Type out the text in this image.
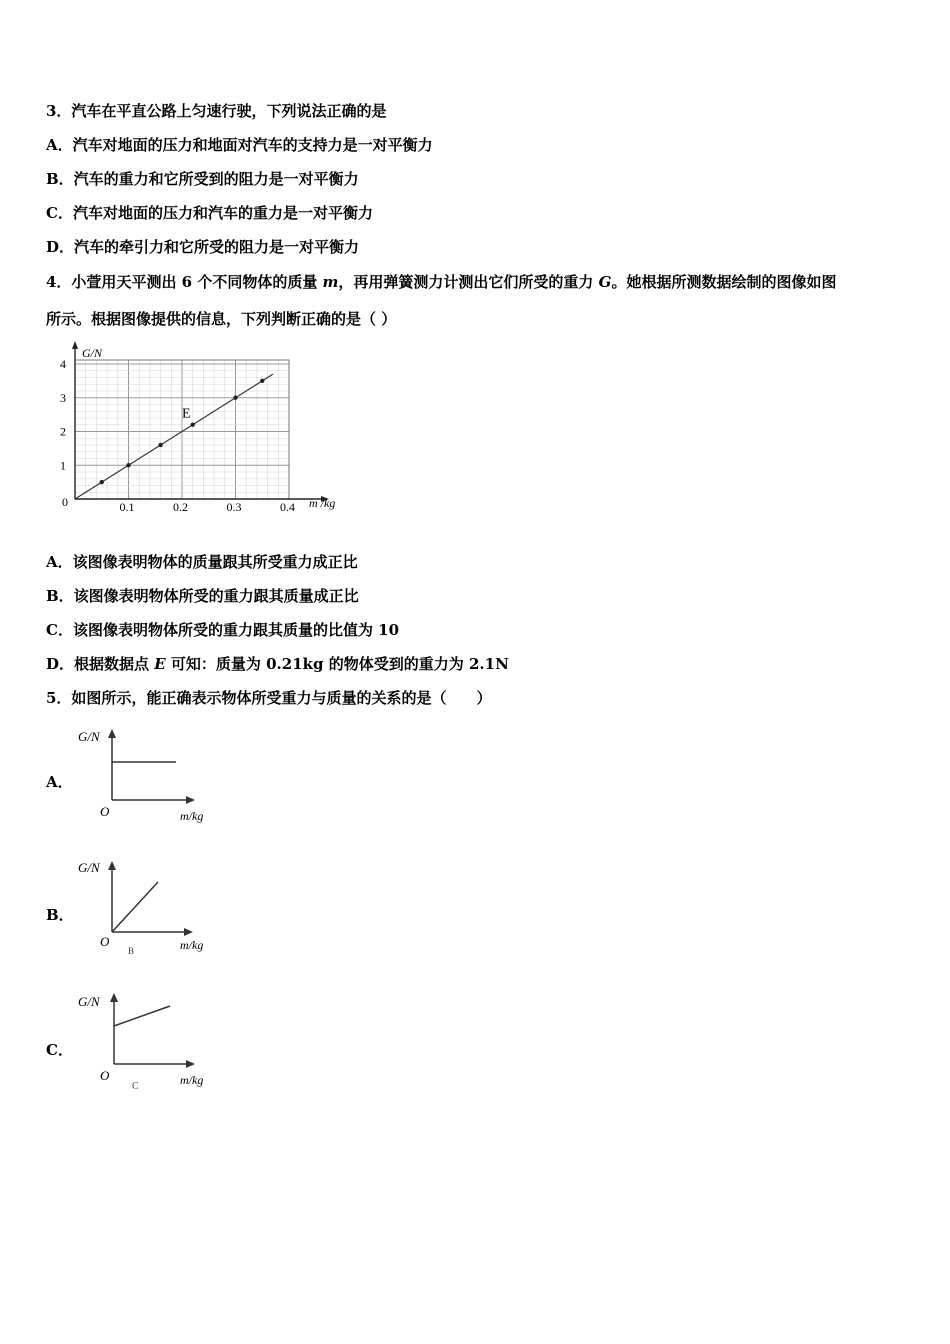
3．汽车在平直公路上匀速行驶，下列说法正确的是
A．汽车对地面的压力和地面对汽车的支持力是一对平衡力
B．汽车的重力和它所受到的阻力是一对平衡力
C．汽车对地面的压力和汽车的重力是一对平衡力
D．汽车的牵引力和它所受的阻力是一对平衡力
4．小萱用天平测出 6 个不同物体的质量 m，再用弹簧测力计测出它们所受的重力 G。她根据所测数据绘制的图像如图
所示。根据图像提供的信息，下列判断正确的是（ ）
0.1	0.2	0.3	0.4
1
2
3
4
0
G/N
m /kg
E
A．该图像表明物体的质量跟其所受重力成正比
B．该图像表明物体所受的重力跟其质量成正比
C．该图像表明物体所受的重力跟其质量的比值为 10
D．根据数据点 E 可知：质量为 0.21kg 的物体受到的重力为 2.1N
5．如图所示，能正确表示物体所受重力与质量的关系的是（　　）
A．
G/N
O	m/kg
B．
G/N
O
B	m/kg
C．
G/N
O
C	m/kg
